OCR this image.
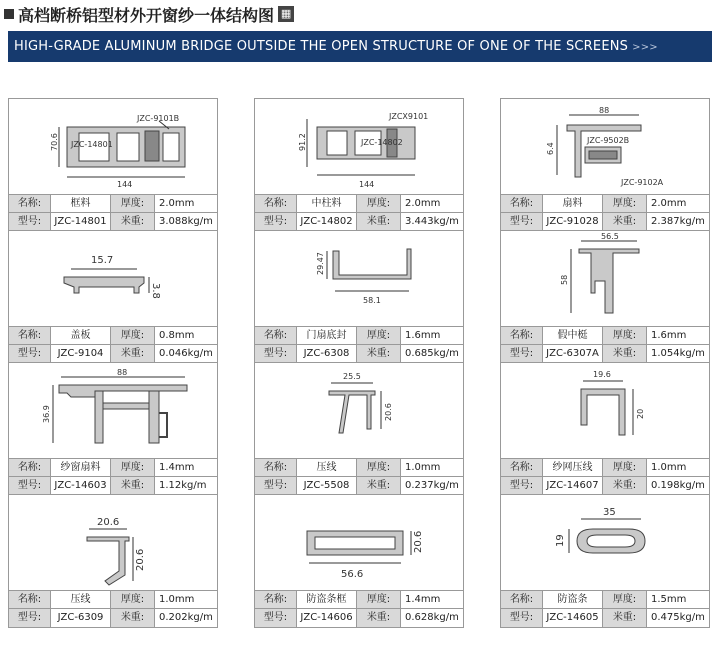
高档断桥铝型材外开窗纱一体结构图 ▦
HIGH-GRADE ALUMINUM BRIDGE OUTSIDE THE OPEN STRUCTURE OF ONE OF THE SCREENS >>>
JZC-9101B
JZC-14801
70.6
144
名称:	框料	厚度:	2.0mm
型号:	JZC-14801	米重:	3.088kg/m
15.7
3.8
名称:	盖板	厚度:	0.8mm
型号:	JZC-9104	米重:	0.046kg/m
88
36.9
名称:	纱窗扇料	厚度:	1.4mm
型号:	JZC-14603	米重:	1.12kg/m
20.6
20.6
名称:	压线	厚度:	1.0mm
型号:	JZC-6309	米重:	0.202kg/m
JZCX9101
JZC-14802
91.2
144
名称:	中柱料	厚度:	2.0mm
型号:	JZC-14802	米重:	3.443kg/m
29.47
58.1
名称:	门扇底封	厚度:	1.6mm
型号:	JZC-6308	米重:	0.685kg/m
25.5
20.6
名称:	压线	厚度:	1.0mm
型号:	JZC-5508	米重:	0.237kg/m
20.6
56.6
名称:	防盗条框	厚度:	1.4mm
型号:	JZC-14606	米重:	0.628kg/m
88
JZC-9502B
6.4
JZC-9102A
名称:	扇料	厚度:	2.0mm
型号:	JZC-91028	米重:	2.387kg/m
56.5
58
名称:	假中梃	厚度:	1.6mm
型号:	JZC-6307A	米重:	1.054kg/m
19.6
20
名称:	纱网压线	厚度:	1.0mm
型号:	JZC-14607	米重:	0.198kg/m
35
19
名称:	防盗条	厚度:	1.5mm
型号:	JZC-14605	米重:	0.475kg/m
